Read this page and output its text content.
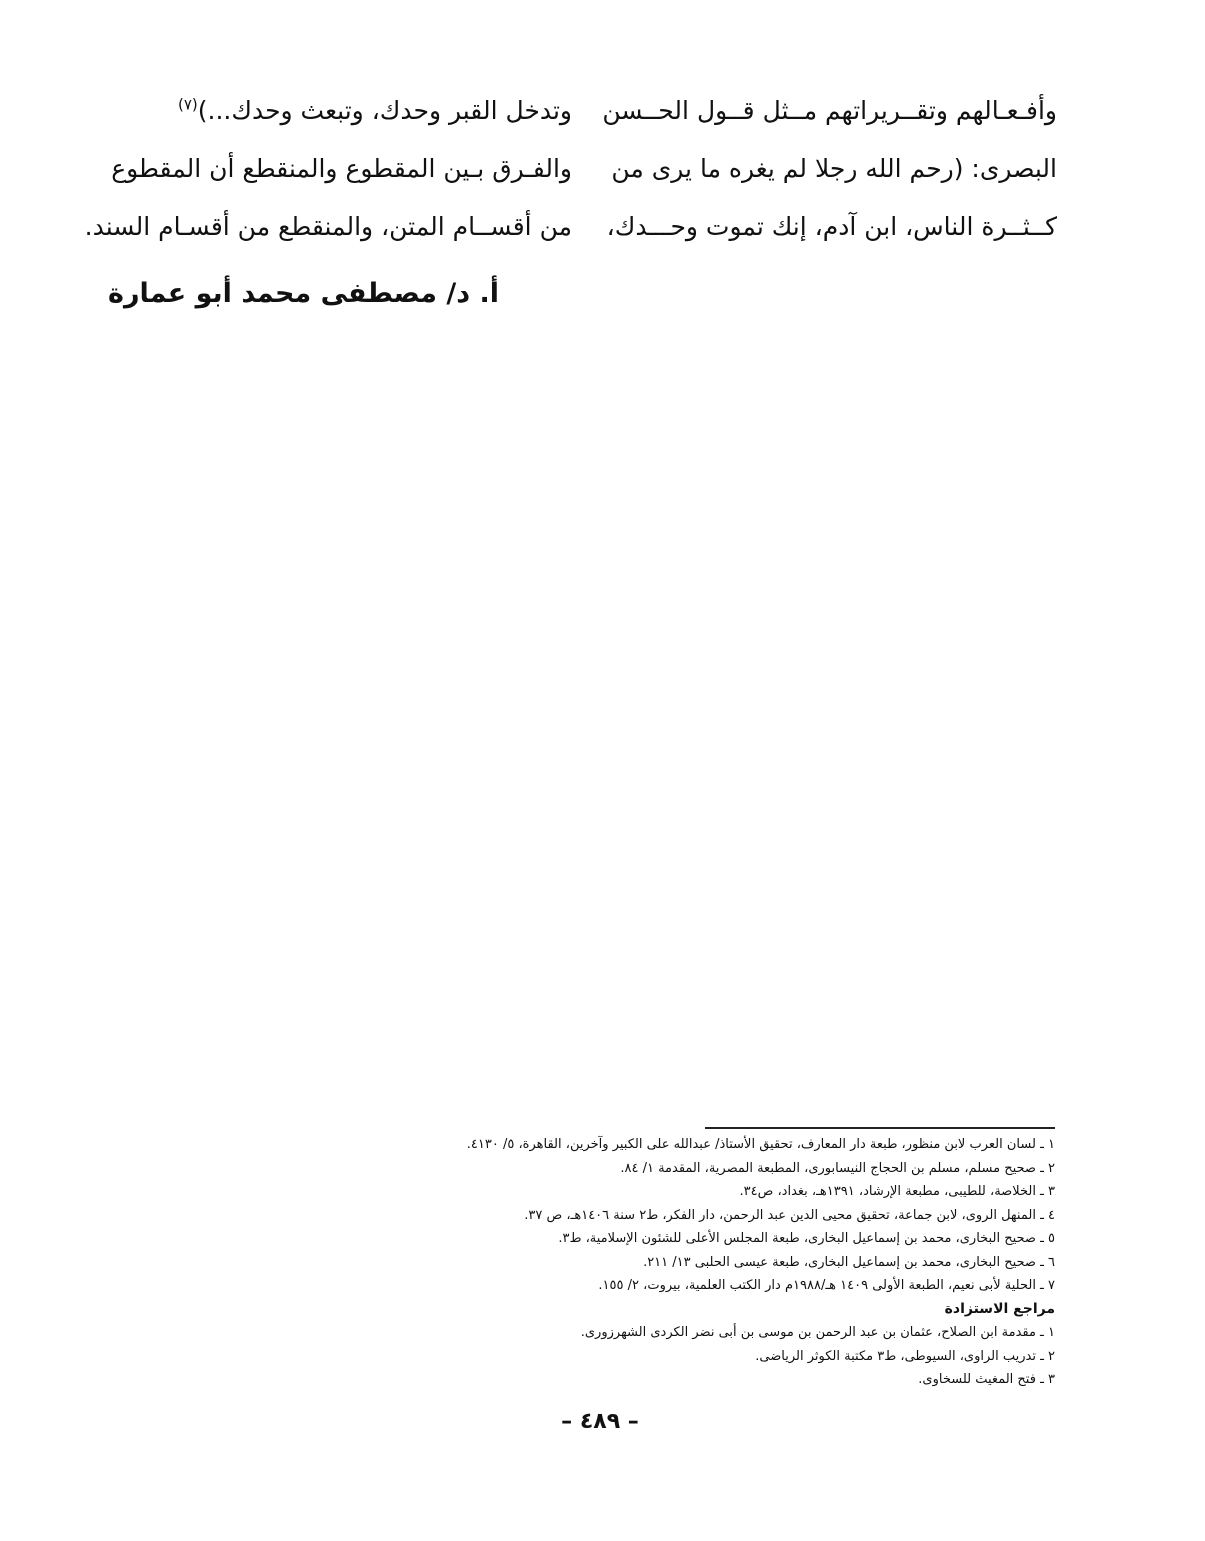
وأفـعـالهم وتقــريراتهم مــثل قــول الحــسن
البصرى: (رحم الله رجلا لم يغره ما يرى من
كــثــرة الناس، ابن آدم، إنك تموت وحـــدك،
وتدخل القبر وحدك، وتبعث وحدك...)$^{(٧)}$
والفـرق بـين المقطوع والمنقطع أن المقطوع
من أقســام المتن، والمنقطع من أقسـام السند.
أ. د/ مصطفى محمد أبو عمارة
١ ـ لسان العرب لابن منظور، طبعة دار المعارف، تحقيق الأستاذ/ عبدالله على الكبير وآخرين، القاهرة، ٥/ ٤١٣٠.
٢ ـ صحيح مسلم، مسلم بن الحجاج النيسابورى، المطبعة المصرية، المقدمة ١/ ٨٤.
٣ ـ الخلاصة، للطيبى، مطبعة الإرشاد، ١٣٩١هـ، بغداد، ص٣٤.
٤ ـ المنهل الروى، لابن جماعة، تحقيق محيى الدين عبد الرحمن، دار الفكر، ط٢ سنة ١٤٠٦هـ، ص ٣٧.
٥ ـ صحيح البخارى، محمد بن إسماعيل البخارى، طبعة المجلس الأعلى للشئون الإسلامية، ط٣.
٦ ـ صحيح البخارى، محمد بن إسماعيل البخارى، طبعة عيسى الحلبى ١٣/ ٢١١.
٧ ـ الحلية لأبى نعيم، الطبعة الأولى ١٤٠٩ هـ/١٩٨٨م دار الكتب العلمية، بيروت، ٢/ ١٥٥.
مراجع الاستزادة
١ ـ مقدمة ابن الصلاح، عثمان بن عبد الرحمن بن موسى بن أبى نضر الكردى الشهرزورى.
٢ ـ تدريب الراوى، السيوطى، ط٣ مكتبة الكوثر الرياضى.
٣ ـ فتح المغيث للسخاوى.
– ٤٨٩ –
